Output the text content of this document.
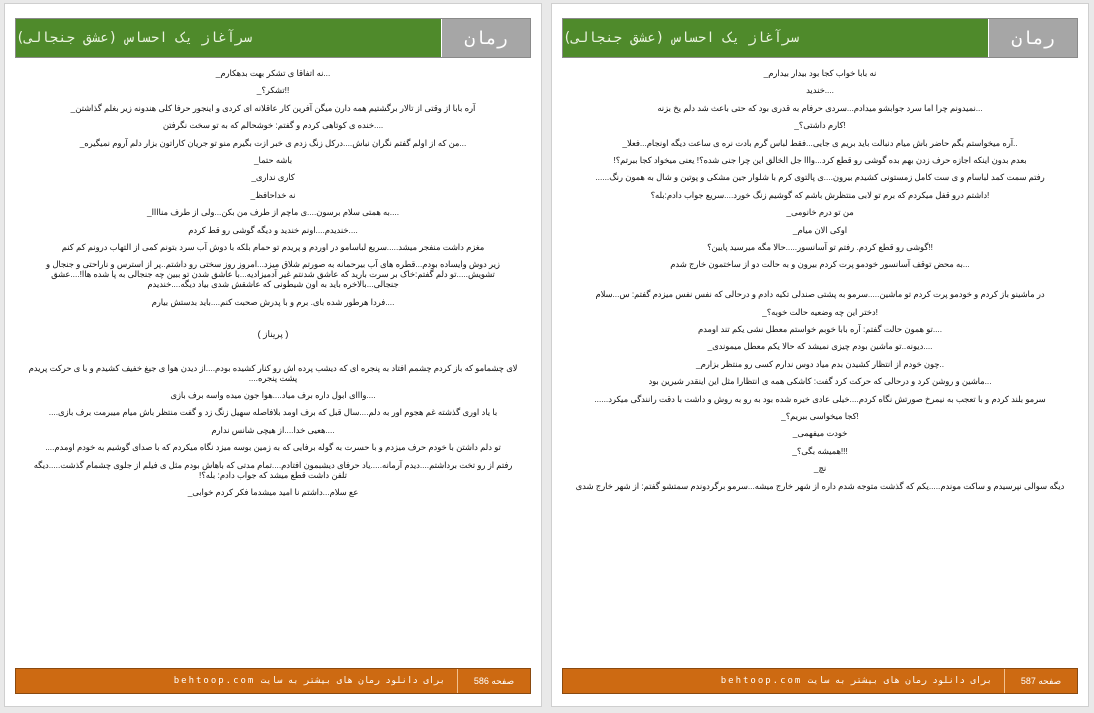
سرآغاز یک احساس (عشق جنجالی)	رمان

...نه اتفاقا ی تشکر بهت بدهکارم_

!!تشکر؟_

آره بابا از وقتی از تالار برگشتیم همه دارن میگن آفرین کار عاقلانه ای کردی و اینجور حرفا کلی هندونه زیر بغلم گذاشتن_

....خنده ی کوتاهی کردم و گفتم: خوشحالم که به تو سخت نگرفتن

...من که از اولم گفتم نگران نباش....درکل زنگ زدم ی خبر ازت بگیرم منو تو جریان کاراتون بزار دلم آروم نمیگیره_

باشه حتما_

کاری نداری_

نه خداحافظ_

....به همتی سلام برسون....ی ماچم از طرف من بکن...ولی از طرف مناااا_

....خندیدم....اونم خندید و دیگه گوشی رو قط کردم

مغزم داشت منفجر میشد.....سریع لباسامو در اوردم و پریدم تو حمام بلکه با دوش آب سرد بتونم کمی از التهاب درونم کم کنم

زیر دوش وایساده بودم...قطره های آب بیرحمانه به صورتم شلاق میزد...امروز روز سختی رو داشتم..پر از استرس و ناراحتی و جنجال و تشویش.....تو دلم گفتم:خاک بر سرت بارید که عاشق شدنتم غیر آدمیزادیه...با عاشق شدن تو ببین چه جنجالی به پا شده هاا!....عشق جنجالی...بالاخره باید به اون شیطونی که عاشقش شدی بیاد دیگه....خندیدم

....فردا هرطور شده بای. برم و با پدرش صحبت کنم....باید بدستش بیارم

( پریناز )

لای چشمامو که باز کردم چشمم افتاد به پنجره ای که دیشب پرده اش رو کنار کشیده بودم....از دیدن هوا ی جیغ خفیف کشیدم و با ی حرکت پریدم پشت پنجره....

....وااای ابول داره برف میاد....هوا جون میده واسه برف بازی

با یاد اوری گذشته غم هجوم اور به دلم....سال قبل که برف اومد بلافاصله سهیل زنگ زد و گفت منتظر باش میام میبرمت برف بازی....

....هعیی خدا....از هیچی شانس ندارم

تو دلم داشتن با خودم حرف میزدم و با حسرت به گوله برفایی که به زمین بوسه میزد نگاه میکردم که با صدای گوشیم به خودم اومدم....

رفتم از رو تخت برداشتم....دیدم آرمانه.....یاد حرفای دیشبمون افتادم....تمام مدتی که باهاش بودم مثل ی فیلم از جلوی چشمام گذشت.....دیگه تلفن داشت قطع میشد که جواب دادم: بله؟!

عع سلام...داشتم نا امید میشدما فکر کردم خوابی_

برای دانلود رمان های بیشتر به سایت behtoop.com	صفحه 586
سرآغاز یک احساس (عشق جنجالی)	رمان

نه بابا خواب کجا بود بیدار بیدارم_

....خندید

...نمیدونم چرا اما سرد جوابشو میدادم...سردی حرفام به قدری بود که حتی باعث شد دلم یخ بزنه

!کارم داشتی؟_

..آره میخواستم بگم حاضر باش میام دنبالت باید بریم ی جایی...فقط لباس گرم بادت نره ی ساعت دیگه اونجام...فعلا_

بعدم بدون اینکه اجازه حرف زدن بهم بده گوشی رو قطع کرد...وااا جل الخالق این چرا جنی شده؟! یعنی میخواد کجا ببرتم؟!

رفتم سمت کمد لباسام و ی ست کامل زمستونی کشیدم بیرون....ی پالتوی کرم با شلوار جین مشکی و پوتین و شال به همون رنگ......

!داشتم درو قفل میکردم که برم تو لابی منتظرش باشم که گوشیم زنگ خورد....سریع جواب دادم:بله؟

من تو درم خانومی_

اوکی الان میام_

!!گوشی رو قطع کردم. رفتم تو آسانسور.....حالا مگه میرسید پایین؟

...به محض توقف آسانسور خودمو پرت کردم بیرون و به حالت دو از ساختمون خارج شدم

در ماشینو باز کردم و خودمو پرت کردم تو ماشین.....سرمو به پشتی صندلی تکیه دادم و درحالی که نفس نفس میزدم گفتم: س...سلام

!دختر این چه وضعیه حالت خوبه؟_

....تو همون حالت گفتم: آره بابا خوبم خواستم معطل نشی یکم تند اومدم

....دیونه..تو ماشین بودم چیزی نمیشد که حالا یکم معطل میموندی_

..چون خودم از انتظار کشیدن بدم میاد دوس ندارم کسی رو منتظر بزارم_

...ماشین و روشن کرد و درحالی که حرکت کرد گفت: کاشکی همه ی انتظارا مثل این اینقدر شیرین بود

سرمو بلند کردم و با تعجب به نیمرخ صورتش نگاه کردم....خیلی عادی خیره شده بود به رو به روش و داشت با دقت رانندگی میکرد......

!کجا میخواسی ببریم؟_

خودت میفهمی_

!!!همیشه بگی؟_

نچ_

دیگه سوالی نپرسیدم و ساکت موندم.....یکم که گذشت متوجه شدم داره از شهر خارج میشه...سرمو برگردوندم سمتشو گفتم: از شهر خارج شدی

برای دانلود رمان های بیشتر به سایت behtoop.com	صفحه 587
